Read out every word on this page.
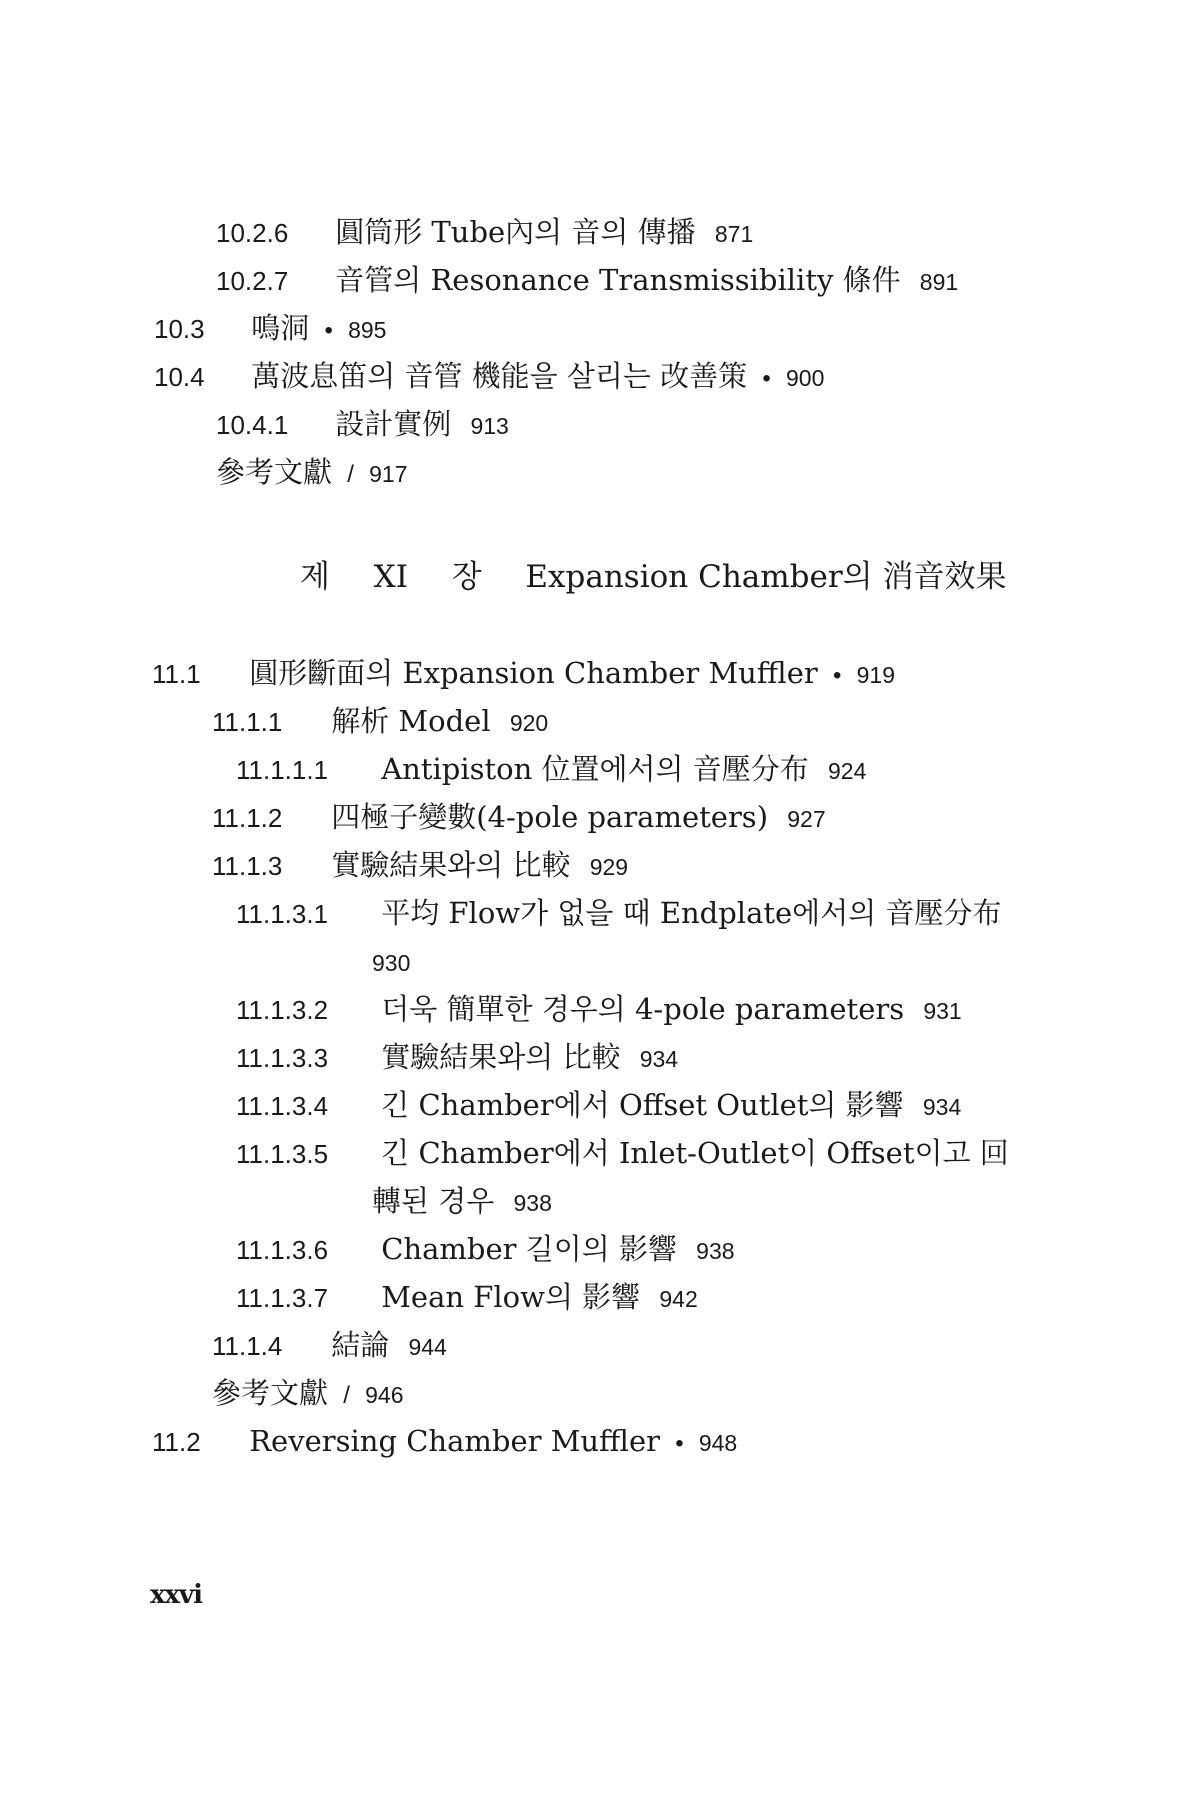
10.2.6 圓筒形 Tube內의 音의 傳播 871
10.2.7 音管의 Resonance Transmissibility 條件 891
10.3 鳴洞 • 895
10.4 萬波息笛의 音管 機能을 살리는 改善策 • 900
10.4.1 設計實例 913
參考文獻 / 917
제 XI 장 Expansion Chamber의 消音效果
11.1 圓形斷面의 Expansion Chamber Muffler • 919
11.1.1 解析 Model 920
11.1.1.1 Antipiston 位置에서의 音壓分布 924
11.1.2 四極子變數(4-pole parameters) 927
11.1.3 實驗結果와의 比較 929
11.1.3.1 平均 Flow가 없을 때 Endplate에서의 音壓分布
930
11.1.3.2 더욱 簡單한 경우의 4-pole parameters 931
11.1.3.3 實驗結果와의 比較 934
11.1.3.4 긴 Chamber에서 Offset Outlet의 影響 934
11.1.3.5 긴 Chamber에서 Inlet-Outlet이 Offset이고 回
轉된 경우 938
11.1.3.6 Chamber 길이의 影響 938
11.1.3.7 Mean Flow의 影響 942
11.1.4 結論 944
參考文獻 / 946
11.2 Reversing Chamber Muffler • 948
xxvi
